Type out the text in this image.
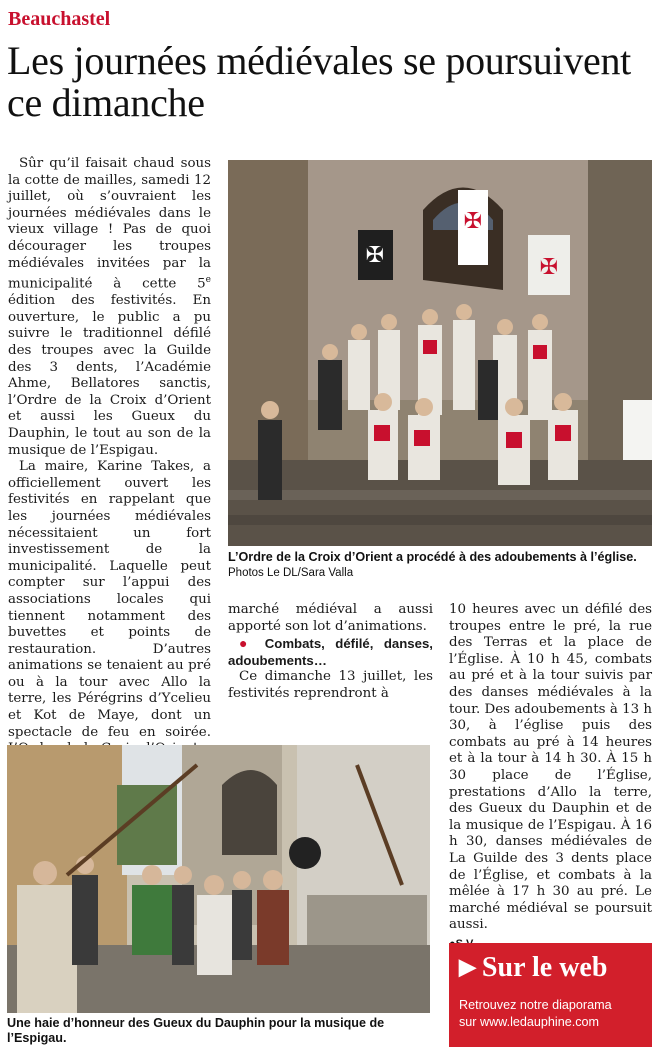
Beauchastel
Les journées médiévales se poursuivent ce dimanche

Sûr qu’il faisait chaud sous la cotte de mailles, samedi 12 juillet, où s’ouvraient les journées médiévales dans le vieux village ! Pas de quoi décourager les troupes médiévales invitées par la municipalité à cette 5e édition des festivités. En ouverture, le public a pu suivre le traditionnel défilé des troupes avec la Guilde des 3 dents, l’Académie Ahme, Bellatores sanctis, l’Ordre de la Croix d’Orient et aussi les Gueux du Dauphin, le tout au son de la musique de l’Espigau.

La maire, Karine Takes, a officiellement ouvert les festivités en rappelant que les journées médiévales nécessitaient un fort investissement de la municipalité. Laquelle peut compter sur l’appui des associations locales qui tiennent notamment des buvettes et points de restauration. D’autres animations se tenaient au pré ou à la tour avec Allo la terre, les Pérégrins d’Ycelieu et Kot de Maye, dont un spectacle de feu en soirée.

✠
✠
✠
L’Ordre de la Croix d’Orient a procédé à des adoubements à l’église. Photos Le DL/Sara Valla

marché médiéval a aussi apporté son lot d’animations.

● Combats, défilé, danses, adoubements…

Ce dimanche 13 juillet, les festivités reprendront à

10 heures avec un défilé des troupes entre le pré, la rue des Terras et la place de l’Église. À 10 h 45, combats au pré et à la tour suivis par des danses médiévales à la tour. Des adoubements à 13 h 30, à l’église puis des combats au pré à 14 heures et à la tour à 14 h 30. À 15 h 30 place de l’Église, prestations d’Allo la terre, des Gueux du Dauphin et de la musique de l’Espigau. À 16 h 30, danses médiévales de La Guilde des 3 dents place de l’Église, et combats à la mêlée à 17 h 30 au pré. Le marché médiéval se poursuit aussi.

Une haie d’honneur des Gueux du Dauphin pour la musique de l’Espigau.
▶ Sur le web
Retrouvez notre diaporama
sur www.ledauphine.com
